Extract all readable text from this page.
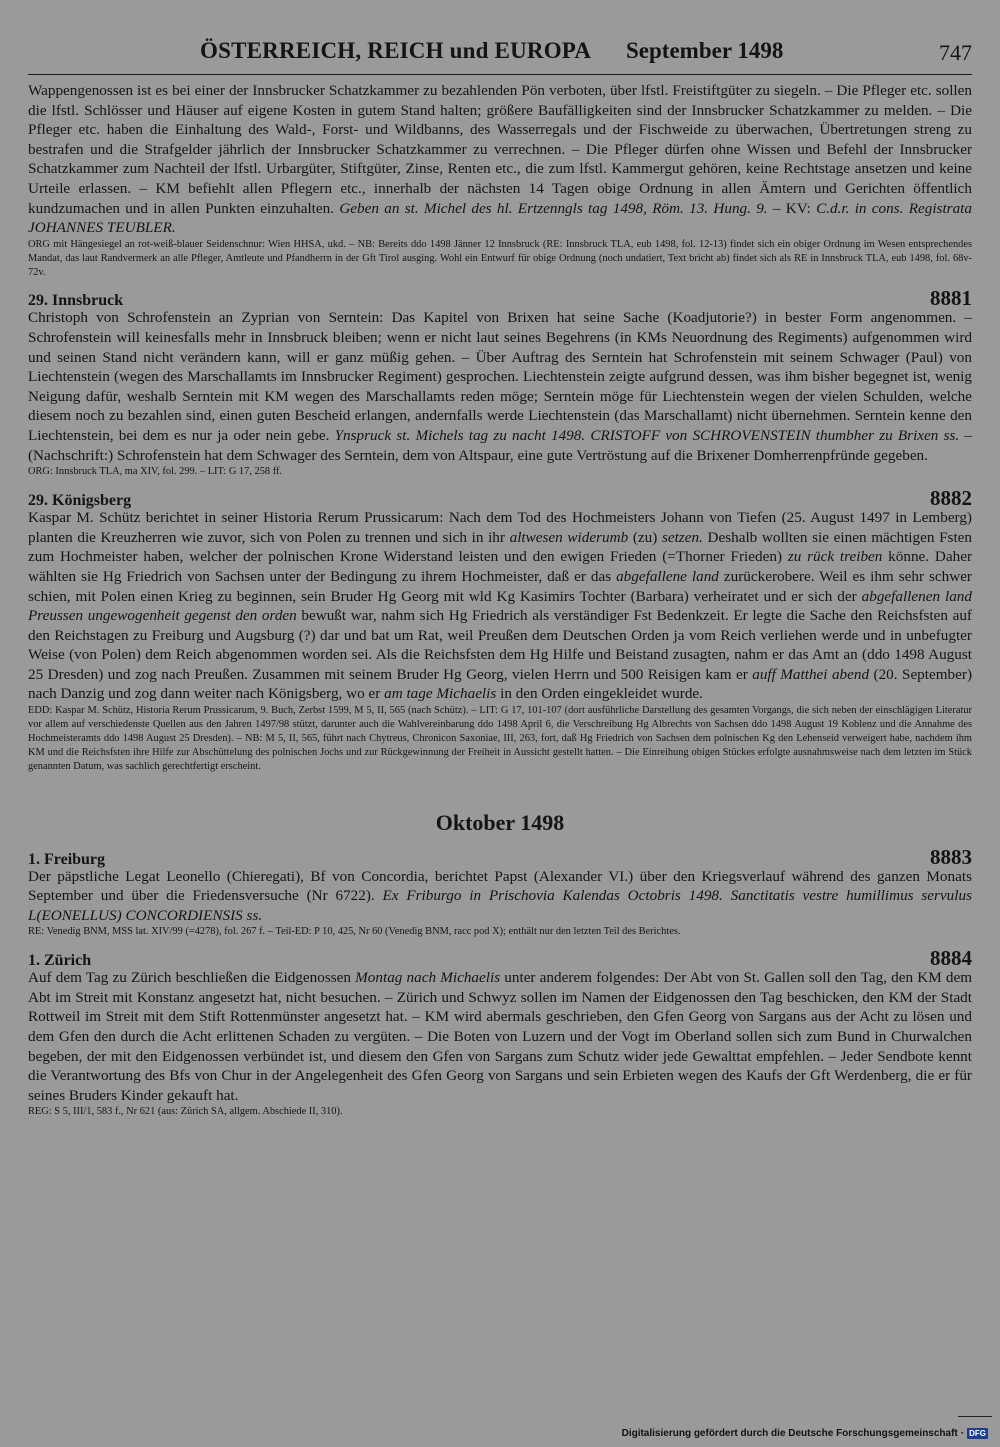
ÖSTERREICH, REICH und EUROPA September 1498	747

Wappengenossen ist es bei einer der Innsbrucker Schatzkammer zu bezahlenden Pön verboten, über lfstl. Freistiftgüter zu siegeln. – Die Pfleger etc. sollen die lfstl. Schlösser und Häuser auf eigene Kosten in gutem Stand halten; größere Baufälligkeiten sind der Innsbrucker Schatzkammer zu melden. – Die Pfleger etc. haben die Einhaltung des Wald-, Forst- und Wildbanns, des Wasserregals und der Fischweide zu überwachen, Übertretungen streng zu bestrafen und die Strafgelder jährlich der Innsbrucker Schatzkammer zu verrechnen. – Die Pfleger dürfen ohne Wissen und Befehl der Innsbrucker Schatzkammer zum Nachteil der lfstl. Urbargüter, Stiftgüter, Zinse, Renten etc., die zum lfstl. Kammergut gehören, keine Rechtstage ansetzen und keine Urteile erlassen. – KM befiehlt allen Pflegern etc., innerhalb der nächsten 14 Tagen obige Ordnung in allen Ämtern und Gerichten öffentlich kundzumachen und in allen Punkten einzuhalten. Geben an st. Michel des hl. Ertzenngls tag 1498, Röm. 13. Hung. 9. – KV: C.d.r. in cons. Registrata JOHANNES TEUBLER.

ORG mit Hängesiegel an rot-weiß-blauer Seidenschnur: Wien HHSA, ukd. – NB: Bereits ddo 1498 Jänner 12 Innsbruck (RE: Innsbruck TLA, eub 1498, fol. 12-13) findet sich ein obiger Ordnung im Wesen entsprechendes Mandat, das laut Randvermerk an alle Pfleger, Amtleute und Pfandherrn in der Gft Tirol ausging. Wohl ein Entwurf für obige Ordnung (noch undatiert, Text bricht ab) findet sich als RE in Innsbruck TLA, eub 1498, fol. 68v-72v.

29. Innsbruck	8881

Christoph von Schrofenstein an Zyprian von Serntein: Das Kapitel von Brixen hat seine Sache (Koadjutorie?) in bester Form angenommen. – Schrofenstein will keinesfalls mehr in Innsbruck bleiben; wenn er nicht laut seines Begehrens (in KMs Neuordnung des Regiments) aufgenommen wird und seinen Stand nicht verändern kann, will er ganz müßig gehen. – Über Auftrag des Serntein hat Schrofenstein mit seinem Schwager (Paul) von Liechtenstein (wegen des Marschallamts im Innsbrucker Regiment) gesprochen. Liechtenstein zeigte aufgrund dessen, was ihm bisher begegnet ist, wenig Neigung dafür, weshalb Serntein mit KM wegen des Marschallamts reden möge; Serntein möge für Liechtenstein wegen der vielen Schulden, welche diesem noch zu bezahlen sind, einen guten Bescheid erlangen, andernfalls werde Liechtenstein (das Marschallamt) nicht übernehmen. Serntein kenne den Liechtenstein, bei dem es nur ja oder nein gebe. Ynspruck st. Michels tag zu nacht 1498. CRISTOFF von SCHROVENSTEIN thumbher zu Brixen ss. – (Nachschrift:) Schrofenstein hat dem Schwager des Serntein, dem von Altspaur, eine gute Vertröstung auf die Brixener Domherrenpfründe gegeben.

ORG: Innsbruck TLA, ma XIV, fol. 299. – LIT: G 17, 258 ff.

29. Königsberg	8882

Kaspar M. Schütz berichtet in seiner Historia Rerum Prussicarum: Nach dem Tod des Hochmeisters Johann von Tiefen (25. August 1497 in Lemberg) planten die Kreuzherren wie zuvor, sich von Polen zu trennen und sich in ihr altwesen widerumb (zu) setzen. Deshalb wollten sie einen mächtigen Fsten zum Hochmeister haben, welcher der polnischen Krone Widerstand leisten und den ewigen Frieden (=Thorner Frieden) zu rück treiben könne. Daher wählten sie Hg Friedrich von Sachsen unter der Bedingung zu ihrem Hochmeister, daß er das abgefallene land zurückerobere. Weil es ihm sehr schwer schien, mit Polen einen Krieg zu beginnen, sein Bruder Hg Georg mit wld Kg Kasimirs Tochter (Barbara) verheiratet und er sich der abgefallenen land Preussen ungewogenheit gegenst den orden bewußt war, nahm sich Hg Friedrich als verständiger Fst Bedenkzeit. Er legte die Sache den Reichsfsten auf den Reichstagen zu Freiburg und Augsburg (?) dar und bat um Rat, weil Preußen dem Deutschen Orden ja vom Reich verliehen werde und in unbefugter Weise (von Polen) dem Reich abgenommen worden sei. Als die Reichsfsten dem Hg Hilfe und Beistand zusagten, nahm er das Amt an (ddo 1498 August 25 Dresden) und zog nach Preußen. Zusammen mit seinem Bruder Hg Georg, vielen Herrn und 500 Reisigen kam er auff Matthei abend (20. September) nach Danzig und zog dann weiter nach Königsberg, wo er am tage Michaelis in den Orden eingekleidet wurde.

EDD: Kaspar M. Schütz, Historia Rerum Prussicarum, 9. Buch, Zerbst 1599, M 5, II, 565 (nach Schütz). – LIT: G 17, 101-107 (dort ausführliche Darstellung des gesamten Vorgangs, die sich neben der einschlägigen Literatur vor allem auf verschiedenste Quellen aus den Jahren 1497/98 stützt, darunter auch die Wahlvereinbarung ddo 1498 April 6, die Verschreibung Hg Albrechts von Sachsen ddo 1498 August 19 Koblenz und die Annahme des Hochmeisteramts ddo 1498 August 25 Dresden). – NB: M 5, II, 565, führt nach Chytreus, Chronicon Saxoniae, III, 263, fort, daß Hg Friedrich von Sachsen dem polnischen Kg den Lehenseid verweigert habe, nachdem ihm KM und die Reichsfsten ihre Hilfe zur Abschüttelung des polnischen Jochs und zur Rückgewinnung der Freiheit in Aussicht gestellt hatten. – Die Einreihung obigen Stückes erfolgte ausnahmsweise nach dem letzten im Stück genannten Datum, was sachlich gerechtfertigt erscheint.

Oktober 1498
1. Freiburg	8883

Der päpstliche Legat Leonello (Chieregati), Bf von Concordia, berichtet Papst (Alexander VI.) über den Kriegsverlauf während des ganzen Monats September und über die Friedensversuche (Nr 6722). Ex Friburgo in Prischovia Kalendas Octobris 1498. Sanctitatis vestre humillimus servulus L(EONELLUS) CONCORDIENSIS ss.

RE: Venedig BNM, MSS lat. XIV/99 (=4278), fol. 267 f. – Teil-ED: P 10, 425, Nr 60 (Venedig BNM, racc pod X); enthält nur den letzten Teil des Berichtes.

1. Zürich	8884

Auf dem Tag zu Zürich beschließen die Eidgenossen Montag nach Michaelis unter anderem folgendes: Der Abt von St. Gallen soll den Tag, den KM dem Abt im Streit mit Konstanz angesetzt hat, nicht besuchen. – Zürich und Schwyz sollen im Namen der Eidgenossen den Tag beschicken, den KM der Stadt Rottweil im Streit mit dem Stift Rottenmünster angesetzt hat. – KM wird abermals geschrieben, den Gfen Georg von Sargans aus der Acht zu lösen und dem Gfen den durch die Acht erlittenen Schaden zu vergüten. – Die Boten von Luzern und der Vogt im Oberland sollen sich zum Bund in Churwalchen begeben, der mit den Eidgenossen verbündet ist, und diesem den Gfen von Sargans zum Schutz wider jede Gewalttat empfehlen. – Jeder Sendbote kennt die Verantwortung des Bfs von Chur in der Angelegenheit des Gfen Georg von Sargans und sein Erbieten wegen des Kaufs der Gft Werdenberg, die er für seines Bruders Kinder gekauft hat.

REG: S 5, III/1, 583 f., Nr 621 (aus: Zürich SA, allgem. Abschiede II, 310).

Digitalisierung gefördert durch die Deutsche Forschungsgemeinschaft · DFG
